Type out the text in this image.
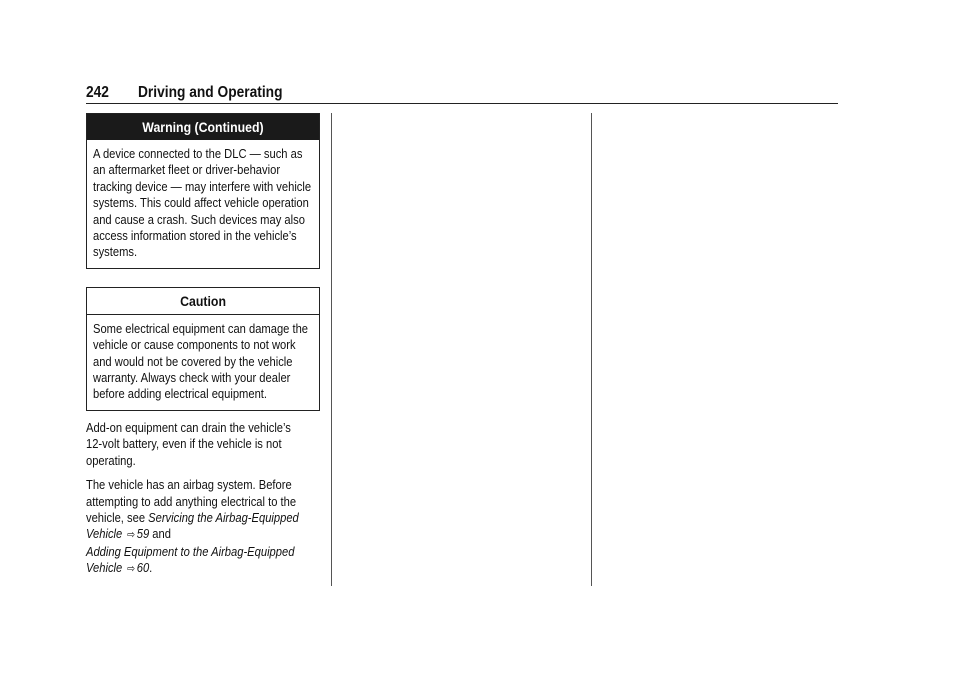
242 Driving and Operating
Warning (Continued)
A device connected to the DLC — such as an aftermarket fleet or driver-behavior tracking device — may interfere with vehicle systems. This could affect vehicle operation and cause a crash. Such devices may also access information stored in the vehicle’s systems.
Caution
Some electrical equipment can damage the vehicle or cause components to not work and would not be covered by the vehicle warranty. Always check with your dealer before adding electrical equipment.
Add-on equipment can drain the vehicle’s 12-volt battery, even if the vehicle is not operating.
The vehicle has an airbag system. Before attempting to add anything electrical to the vehicle, see Servicing the Airbag-Equipped Vehicle ⇨ 59 and
Adding Equipment to the Airbag-Equipped Vehicle ⇨ 60.
